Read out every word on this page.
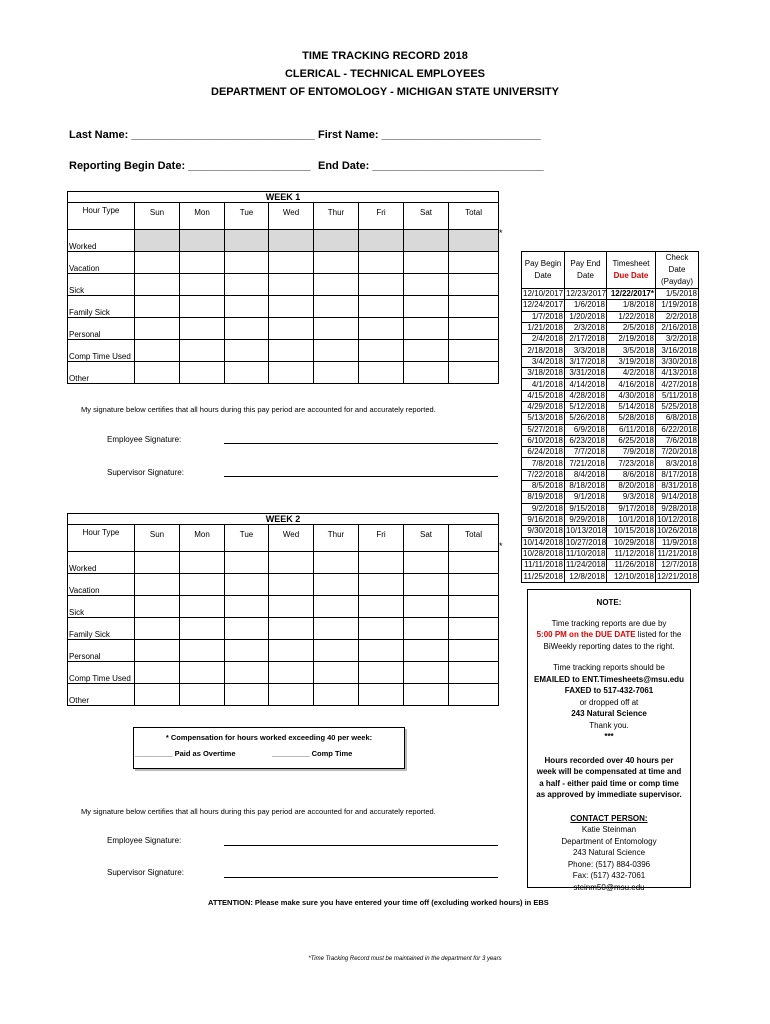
TIME TRACKING RECORD 2018
CLERICAL - TECHNICAL EMPLOYEES
DEPARTMENT OF ENTOMOLOGY - MICHIGAN STATE UNIVERSITY
Last Name: ______________________________ First Name: __________________________
Reporting Begin Date: ____________________ End Date: ____________________________
WEEK 1								
Hour Type	Sun	Mon	Tue	Wed	Thur	Fri	Sat	Total
Worked								
Vacation								
Sick								
Family Sick								
Personal								
Comp Time Used								
Other								
*
My signature below certifies that all hours during this pay period are accounted for and accurately reported.
Employee Signature:
Supervisor Signature:
WEEK 2								
Hour Type	Sun	Mon	Tue	Wed	Thur	Fri	Sat	Total
Worked								
Vacation								
Sick								
Family Sick								
Personal								
Comp Time Used								
Other								
*
* Compensation for hours worked exceeding 40 per week:
_________ Paid as Overtime	_________ Comp Time
My signature below certifies that all hours during this pay period are accounted for and accurately reported.
Employee Signature:
Supervisor Signature:
Pay Begin Date	Pay End Date	Timesheet
Due Date	Check Date (Payday)
12/10/2017	12/23/2017	12/22/2017*	1/5/2018
12/24/2017	1/6/2018	1/8/2018	1/19/2018
1/7/2018	1/20/2018	1/22/2018	2/2/2018
1/21/2018	2/3/2018	2/5/2018	2/16/2018
2/4/2018	2/17/2018	2/19/2018	3/2/2018
2/18/2018	3/3/2018	3/5/2018	3/16/2018
3/4/2018	3/17/2018	3/19/2018	3/30/2018
3/18/2018	3/31/2018	4/2/2018	4/13/2018
4/1/2018	4/14/2018	4/16/2018	4/27/2018
4/15/2018	4/28/2018	4/30/2018	5/11/2018
4/29/2018	5/12/2018	5/14/2018	5/25/2018
5/13/2018	5/26/2018	5/28/2018	6/8/2018
5/27/2018	6/9/2018	6/11/2018	6/22/2018
6/10/2018	6/23/2018	6/25/2018	7/6/2018
6/24/2018	7/7/2018	7/9/2018	7/20/2018
7/8/2018	7/21/2018	7/23/2018	8/3/2018
7/22/2018	8/4/2018	8/6/2018	8/17/2018
8/5/2018	8/18/2018	8/20/2018	8/31/2018
8/19/2018	9/1/2018	9/3/2018	9/14/2018
9/2/2018	9/15/2018	9/17/2018	9/28/2018
9/16/2018	9/29/2018	10/1/2018	10/12/2018
9/30/2018	10/13/2018	10/15/2018	10/26/2018
10/14/2018	10/27/2018	10/29/2018	11/9/2018
10/28/2018	11/10/2018	11/12/2018	11/21/2018
11/11/2018	11/24/2018	11/26/2018	12/7/2018
11/25/2018	12/8/2018	12/10/2018	12/21/2018
NOTE:
Time tracking reports are due by
5:00 PM on the DUE DATE listed for the
BiWeekly reporting dates to the right.
Time tracking reports should be
EMAILED to ENT.Timesheets@msu.edu
FAXED to 517-432-7061
or dropped off at
243 Natural Science
Thank you.
***
Hours recorded over 40 hours per
week will be compensated at time and
a half - either paid time or comp time
as approved by immediate supervisor.
CONTACT PERSON:
Katie Steinman
Department of Entomology
243 Natural Science
Phone: (517) 884-0396
Fax: (517) 432-7061
steinm50@msu.edu
ATTENTION: Please make sure you have entered your time off (excluding worked hours) in EBS
*Time Tracking Record must be maintained in the department for 3 years
